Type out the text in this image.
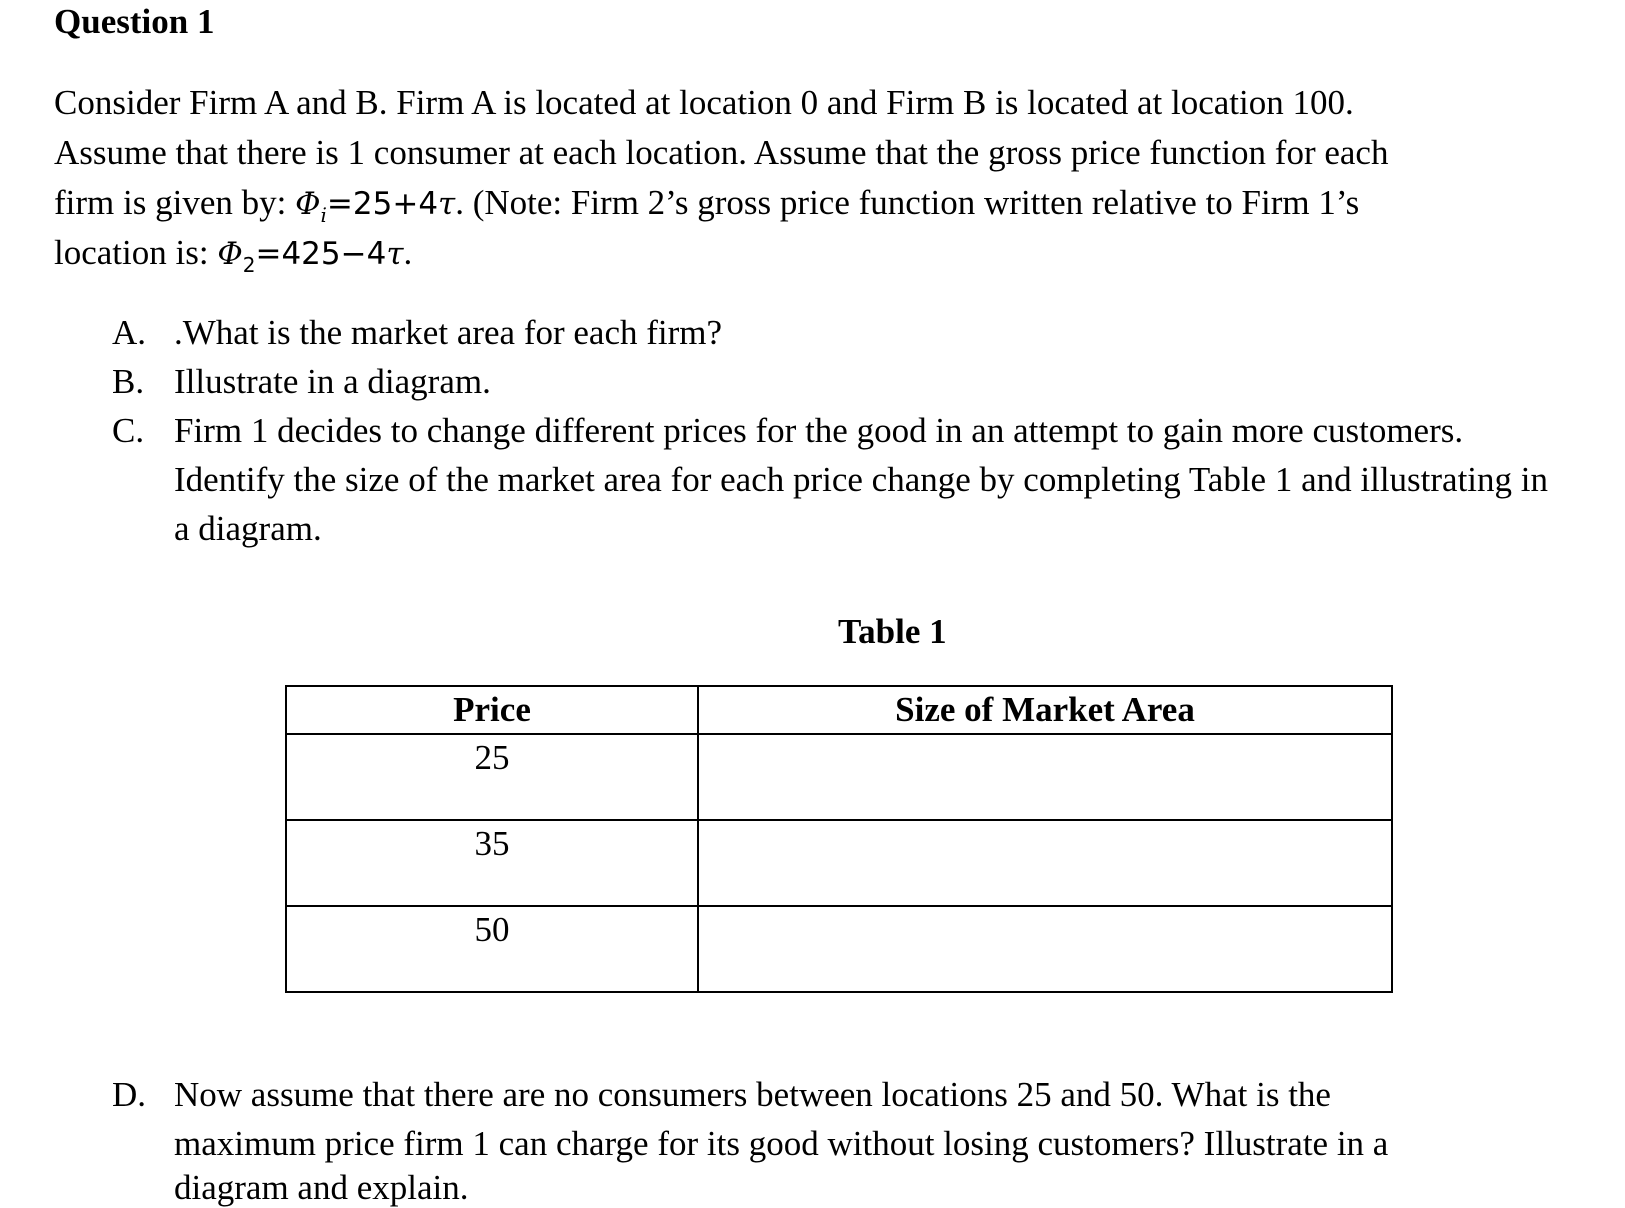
Question 1
Consider Firm A and B. Firm A is located at location 0 and Firm B is located at location 100.
Assume that there is 1 consumer at each location. Assume that the gross price function for each
firm is given by: $\Phi_i=25+4\tau$. (Note: Firm 2’s gross price function written relative to Firm 1’s
location is: $\Phi_2=425-4\tau$.
A. .What is the market area for each firm?
B. Illustrate in a diagram.
C. Firm 1 decides to change different prices for the good in an attempt to gain more customers. Identify the size of the market area for each price change by completing Table 1 and illustrating in a diagram.
Table 1
Price	Size of Market Area
25	
35	
50	
D. Now assume that there are no consumers between locations 25 and 50. What is the
maximum price firm 1 can charge for its good without losing customers? Illustrate in a
diagram and explain.
